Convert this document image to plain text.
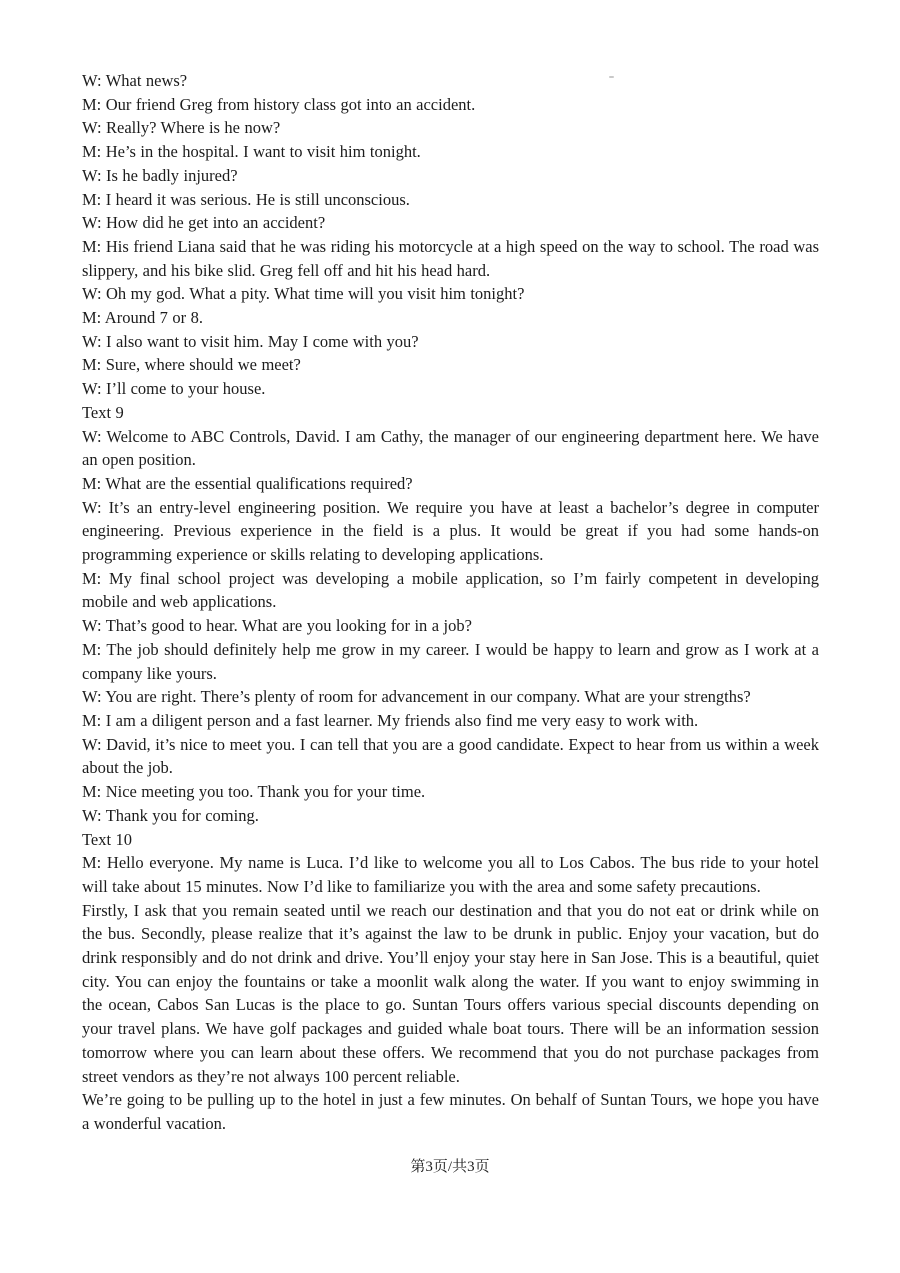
W: What news?

M: Our friend Greg from history class got into an accident.

W: Really? Where is he now?

M: He’s in the hospital. I want to visit him tonight.

W: Is he badly injured?

M: I heard it was serious. He is still unconscious.

W: How did he get into an accident?

M: His friend Liana said that he was riding his motorcycle at a high speed on the way to school. The road was slippery, and his bike slid. Greg fell off and hit his head hard.

W: Oh my god. What a pity. What time will you visit him tonight?

M: Around 7 or 8.

W: I also want to visit him. May I come with you?

M: Sure, where should we meet?

W: I’ll come to your house.

Text 9

W: Welcome to ABC Controls, David. I am Cathy, the manager of our engineering department here. We have an open position.

M: What are the essential qualifications required?

W: It’s an entry-level engineering position. We require you have at least a bachelor’s degree in computer engineering. Previous experience in the field is a plus. It would be great if you had some hands-on programming experience or skills relating to developing applications.

M: My final school project was developing a mobile application, so I’m fairly competent in developing mobile and web applications.

W: That’s good to hear. What are you looking for in a job?

M: The job should definitely help me grow in my career. I would be happy to learn and grow as I work at a company like yours.

W: You are right. There’s plenty of room for advancement in our company. What are your strengths?

M: I am a diligent person and a fast learner. My friends also find me very easy to work with.

W: David, it’s nice to meet you. I can tell that you are a good candidate. Expect to hear from us within a week about the job.

M: Nice meeting you too. Thank you for your time.

W: Thank you for coming.

Text 10

M: Hello everyone. My name is Luca. I’d like to welcome you all to Los Cabos. The bus ride to your hotel will take about 15 minutes. Now I’d like to familiarize you with the area and some safety precautions.

Firstly, I ask that you remain seated until we reach our destination and that you do not eat or drink while on the bus. Secondly, please realize that it’s against the law to be drunk in public. Enjoy your vacation, but do drink responsibly and do not drink and drive. You’ll enjoy your stay here in San Jose. This is a beautiful, quiet city. You can enjoy the fountains or take a moonlit walk along the water. If you want to enjoy swimming in the ocean, Cabos San Lucas is the place to go. Suntan Tours offers various special discounts depending on your travel plans. We have golf packages and guided whale boat tours. There will be an information session tomorrow where you can learn about these offers. We recommend that you do not purchase packages from street vendors as they’re not always 100 percent reliable.

We’re going to be pulling up to the hotel in just a few minutes. On behalf of Suntan Tours, we hope you have a wonderful vacation.

第3页/共3页
